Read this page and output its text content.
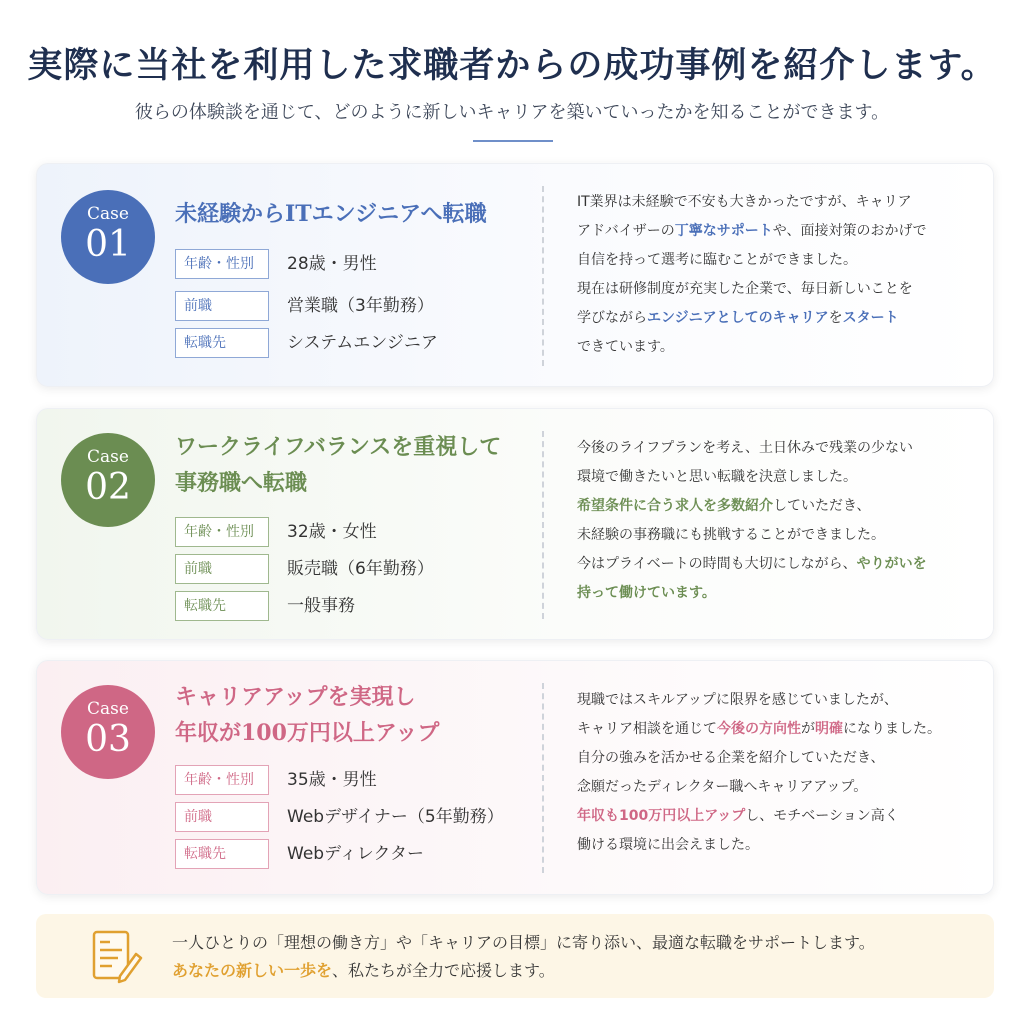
実際に当社を利用した求職者からの成功事例を紹介します。
彼らの体験談を通じて、どのように新しいキャリアを築いていったかを知ることができます。
Case
01
未経験からITエンジニアへ転職
年齢・性別	28歳・男性
前職	営業職（3年勤務）
転職先	システムエンジニア

IT業界は未経験で不安も大きかったですが、キャリア

アドバイザーの丁寧なサポートや、面接対策のおかげで

自信を持って選考に臨むことができました。

現在は研修制度が充実した企業で、毎日新しいことを

学びながらエンジニアとしてのキャリアをスタート

できています。

Case
02
ワークライフバランスを重視して
事務職へ転職
年齢・性別	32歳・女性
前職	販売職（6年勤務）
転職先	一般事務

今後のライフプランを考え、土日休みで残業の少ない

環境で働きたいと思い転職を決意しました。

希望条件に合う求人を多数紹介していただき、

未経験の事務職にも挑戦することができました。

今はプライベートの時間も大切にしながら、やりがいを

持って働けています。

Case
03
キャリアアップを実現し
年収が100万円以上アップ
年齢・性別	35歳・男性
前職	Webデザイナー（5年勤務）
転職先	Webディレクター

現職ではスキルアップに限界を感じていましたが、

キャリア相談を通じて今後の方向性が明確になりました。

自分の強みを活かせる企業を紹介していただき、

念願だったディレクター職へキャリアアップ。

年収も100万円以上アップし、モチベーション高く

働ける環境に出会えました。

一人ひとりの「理想の働き方」や「キャリアの目標」に寄り添い、最適な転職をサポートします。
あなたの新しい一歩を、私たちが全力で応援します。
